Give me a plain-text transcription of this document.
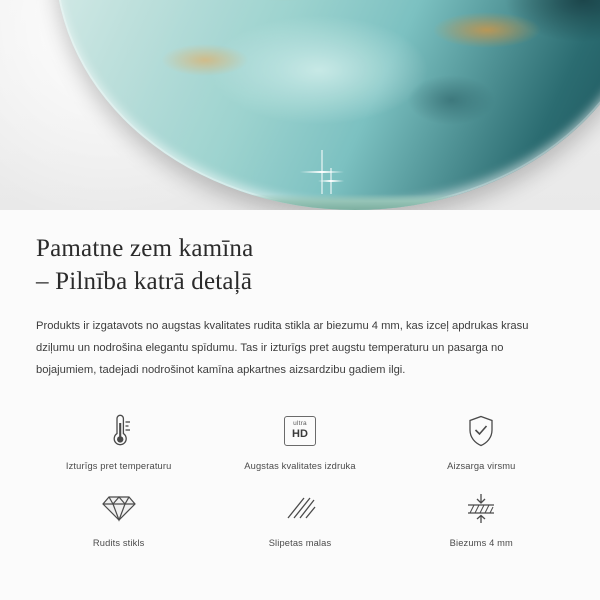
Pamatne zem kamīna
– Pilnība katrā detaļā

Produkts ir izgatavots no augstas kvalitates rudita stikla ar biezumu 4 mm, kas izceļ apdrukas krasu dziļumu un nodrošina elegantu spīdumu. Tas ir izturīgs pret augstu temperaturu un pasarga no bojajumiem, tadejadi nodrošinot kamīna apkartnes aizsardzibu gadiem ilgi.

Izturīgs pret temperaturu
ultra
HD
Augstas kvalitates izdruka	Aizsarga virsmu
Rudits stikls	Slipetas malas	Biezums 4 mm
